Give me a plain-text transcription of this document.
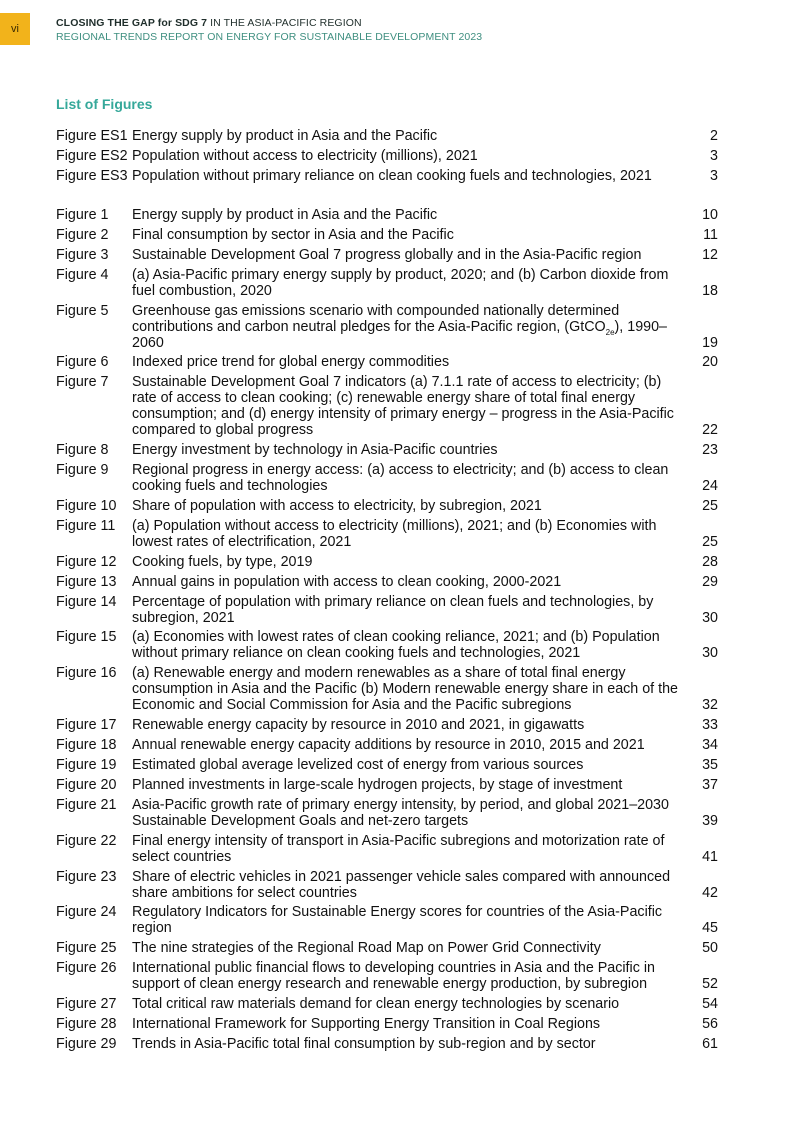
vi	CLOSING THE GAP for SDG 7 IN THE ASIA-PACIFIC REGION
REGIONAL TRENDS REPORT ON ENERGY FOR SUSTAINABLE DEVELOPMENT 2023
List of Figures
Figure ES1 Energy supply by product in Asia and the Pacific	2
Figure ES2 Population without access to electricity (millions), 2021	3
Figure ES3 Population without primary reliance on clean cooking fuels and technologies, 2021	3
Figure 1	Energy supply by product in Asia and the Pacific	10
Figure 2	Final consumption by sector in Asia and the Pacific	11
Figure 3	Sustainable Development Goal 7 progress globally and in the Asia-Pacific region	12
Figure 4	(a) Asia-Pacific primary energy supply by product, 2020; and (b) Carbon dioxide from fuel combustion, 2020	18
Figure 5	Greenhouse gas emissions scenario with compounded nationally determined contributions and carbon neutral pledges for the Asia-Pacific region, (GtCO$_{2e}$), 1990–2060	19
Figure 6	Indexed price trend for global energy commodities	20
Figure 7	Sustainable Development Goal 7 indicators (a) 7.1.1 rate of access to electricity; (b) rate of access to clean cooking; (c) renewable energy share of total final energy consumption; and (d) energy intensity of primary energy – progress in the Asia-Pacific compared to global progress	22
Figure 8	Energy investment by technology in Asia-Pacific countries	23
Figure 9	Regional progress in energy access: (a) access to electricity; and (b) access to clean cooking fuels and technologies	24
Figure 10	Share of population with access to electricity, by subregion, 2021	25
Figure 11	(a) Population without access to electricity (millions), 2021; and (b) Economies with lowest rates of electrification, 2021	25
Figure 12	Cooking fuels, by type, 2019	28
Figure 13	Annual gains in population with access to clean cooking, 2000-2021	29
Figure 14	Percentage of population with primary reliance on clean fuels and technologies, by subregion, 2021	30
Figure 15	(a) Economies with lowest rates of clean cooking reliance, 2021; and (b) Population without primary reliance on clean cooking fuels and technologies, 2021	30
Figure 16	(a) Renewable energy and modern renewables as a share of total final energy consumption in Asia and the Pacific (b) Modern renewable energy share in each of the Economic and Social Commission for Asia and the Pacific subregions	32
Figure 17	Renewable energy capacity by resource in 2010 and 2021, in gigawatts	33
Figure 18	Annual renewable energy capacity additions by resource in 2010, 2015 and 2021	34
Figure 19	Estimated global average levelized cost of energy from various sources	35
Figure 20	Planned investments in large-scale hydrogen projects, by stage of investment	37
Figure 21	Asia-Pacific growth rate of primary energy intensity, by period, and global 2021–2030 Sustainable Development Goals and net-zero targets	39
Figure 22	Final energy intensity of transport in Asia-Pacific subregions and motorization rate of select countries	41
Figure 23	Share of electric vehicles in 2021 passenger vehicle sales compared with announced share ambitions for select countries	42
Figure 24	Regulatory Indicators for Sustainable Energy scores for countries of the Asia-Pacific region	45
Figure 25	The nine strategies of the Regional Road Map on Power Grid Connectivity	50
Figure 26	International public financial flows to developing countries in Asia and the Pacific in support of clean energy research and renewable energy production, by subregion	52
Figure 27	Total critical raw materials demand for clean energy technologies by scenario	54
Figure 28	International Framework for Supporting Energy Transition in Coal Regions	56
Figure 29	Trends in Asia-Pacific total final consumption by sub-region and by sector	61
